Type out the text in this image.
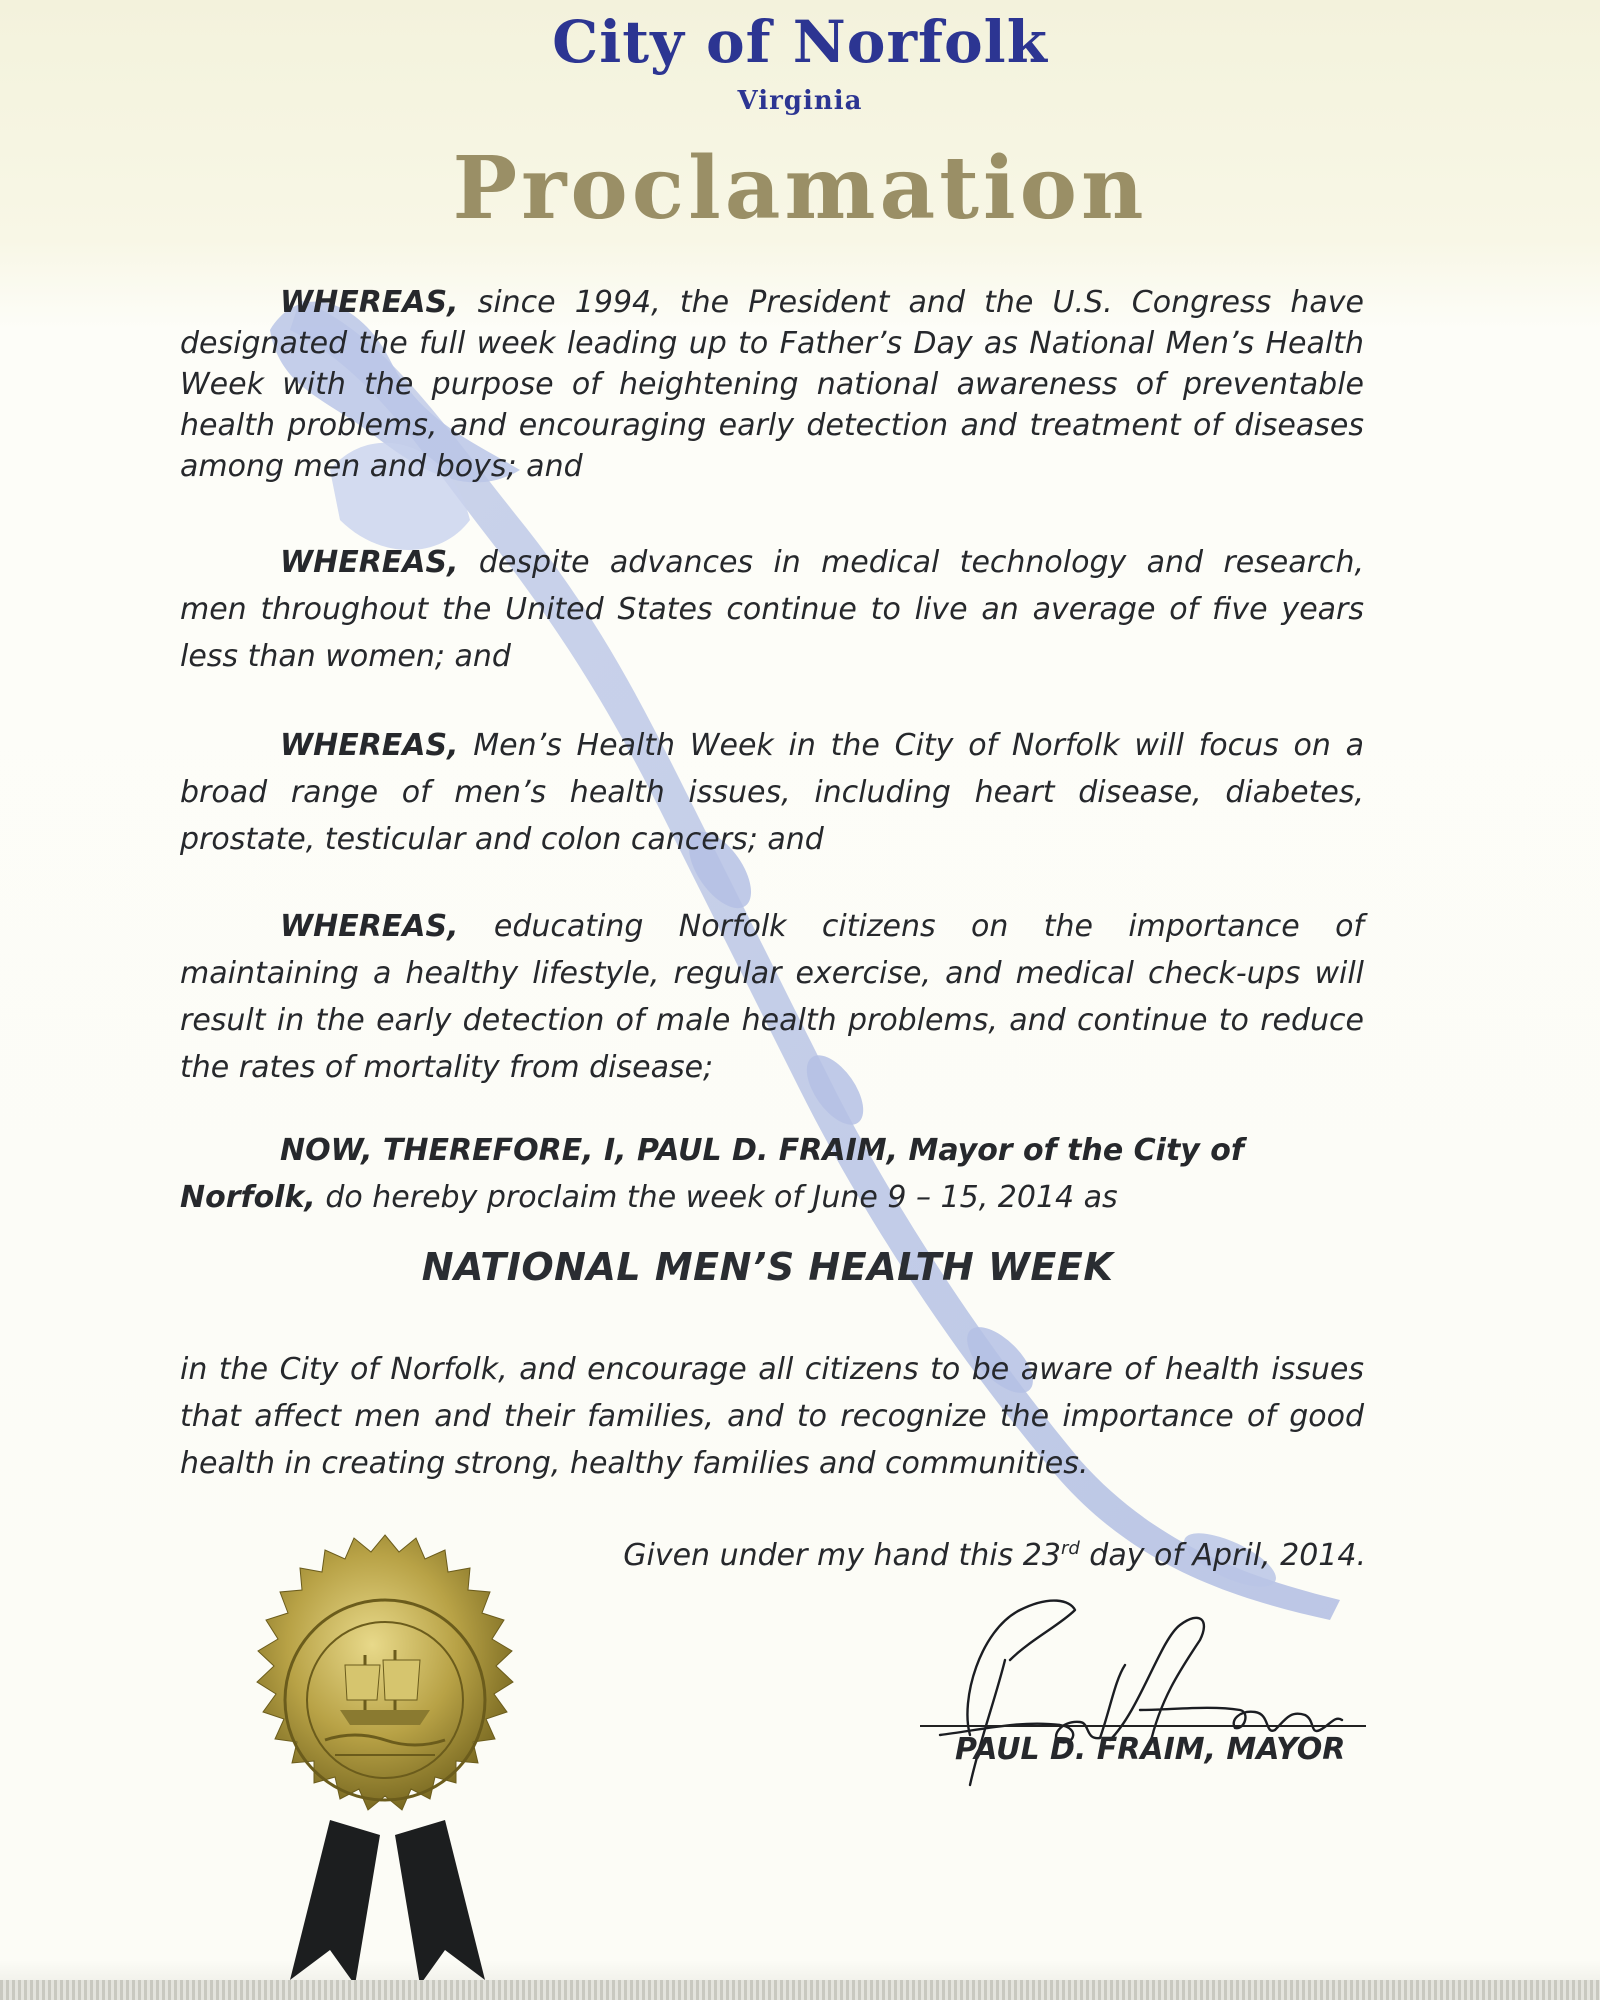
City of Norfolk
Virginia
Proclamation

WHEREAS, since 1994, the President and the U.S. Congress have designated the full week leading up to Father’s Day as National Men’s Health Week with the purpose of heightening national awareness of preventable health problems, and encouraging early detection and treatment of diseases among men and boys; and

WHEREAS, despite advances in medical technology and research, men throughout the United States continue to live an average of five years less than women; and

WHEREAS, Men’s Health Week in the City of Norfolk will focus on a broad range of men’s health issues, including heart disease, diabetes, prostate, testicular and colon cancers; and

WHEREAS, educating Norfolk citizens on the importance of maintaining a healthy lifestyle, regular exercise, and medical check-ups will result in the early detection of male health problems, and continue to reduce the rates of mortality from disease;

NOW, THEREFORE, I, PAUL D. FRAIM, Mayor of the City of Norfolk, do hereby proclaim the week of June 9 – 15, 2014 as

NATIONAL MEN’S HEALTH WEEK
in the City of Norfolk, and encourage all citizens to be aware of health issues that affect men and their families, and to recognize the importance of good health in creating strong, healthy families and communities.
Given under my hand this 23rd day of April, 2014.
PAUL D. FRAIM, MAYOR
